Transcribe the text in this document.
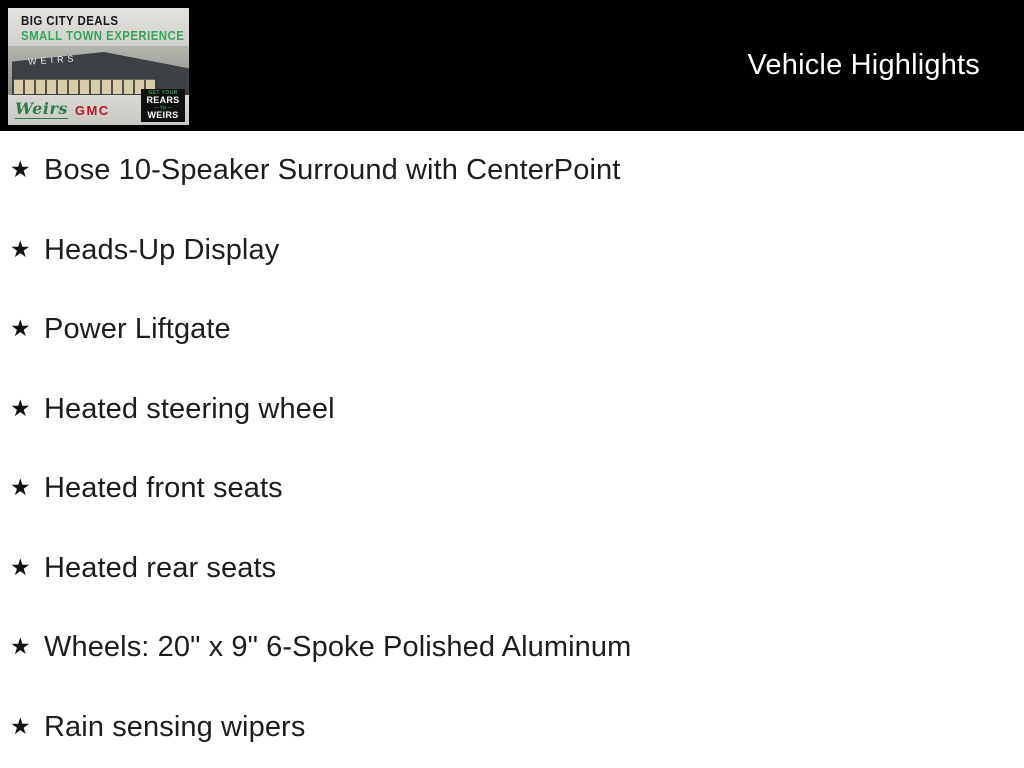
BIG CITY DEALS
SMALL TOWN EXPERIENCE
WEIRS
Weirs GMC
GET YOUR
REARS
— TO —
WEIRS
Vehicle Highlights
★ Bose 10-Speaker Surround with CenterPoint
★ Heads-Up Display
★ Power Liftgate
★ Heated steering wheel
★ Heated front seats
★ Heated rear seats
★ Wheels: 20" x 9" 6-Spoke Polished Aluminum
★ Rain sensing wipers
